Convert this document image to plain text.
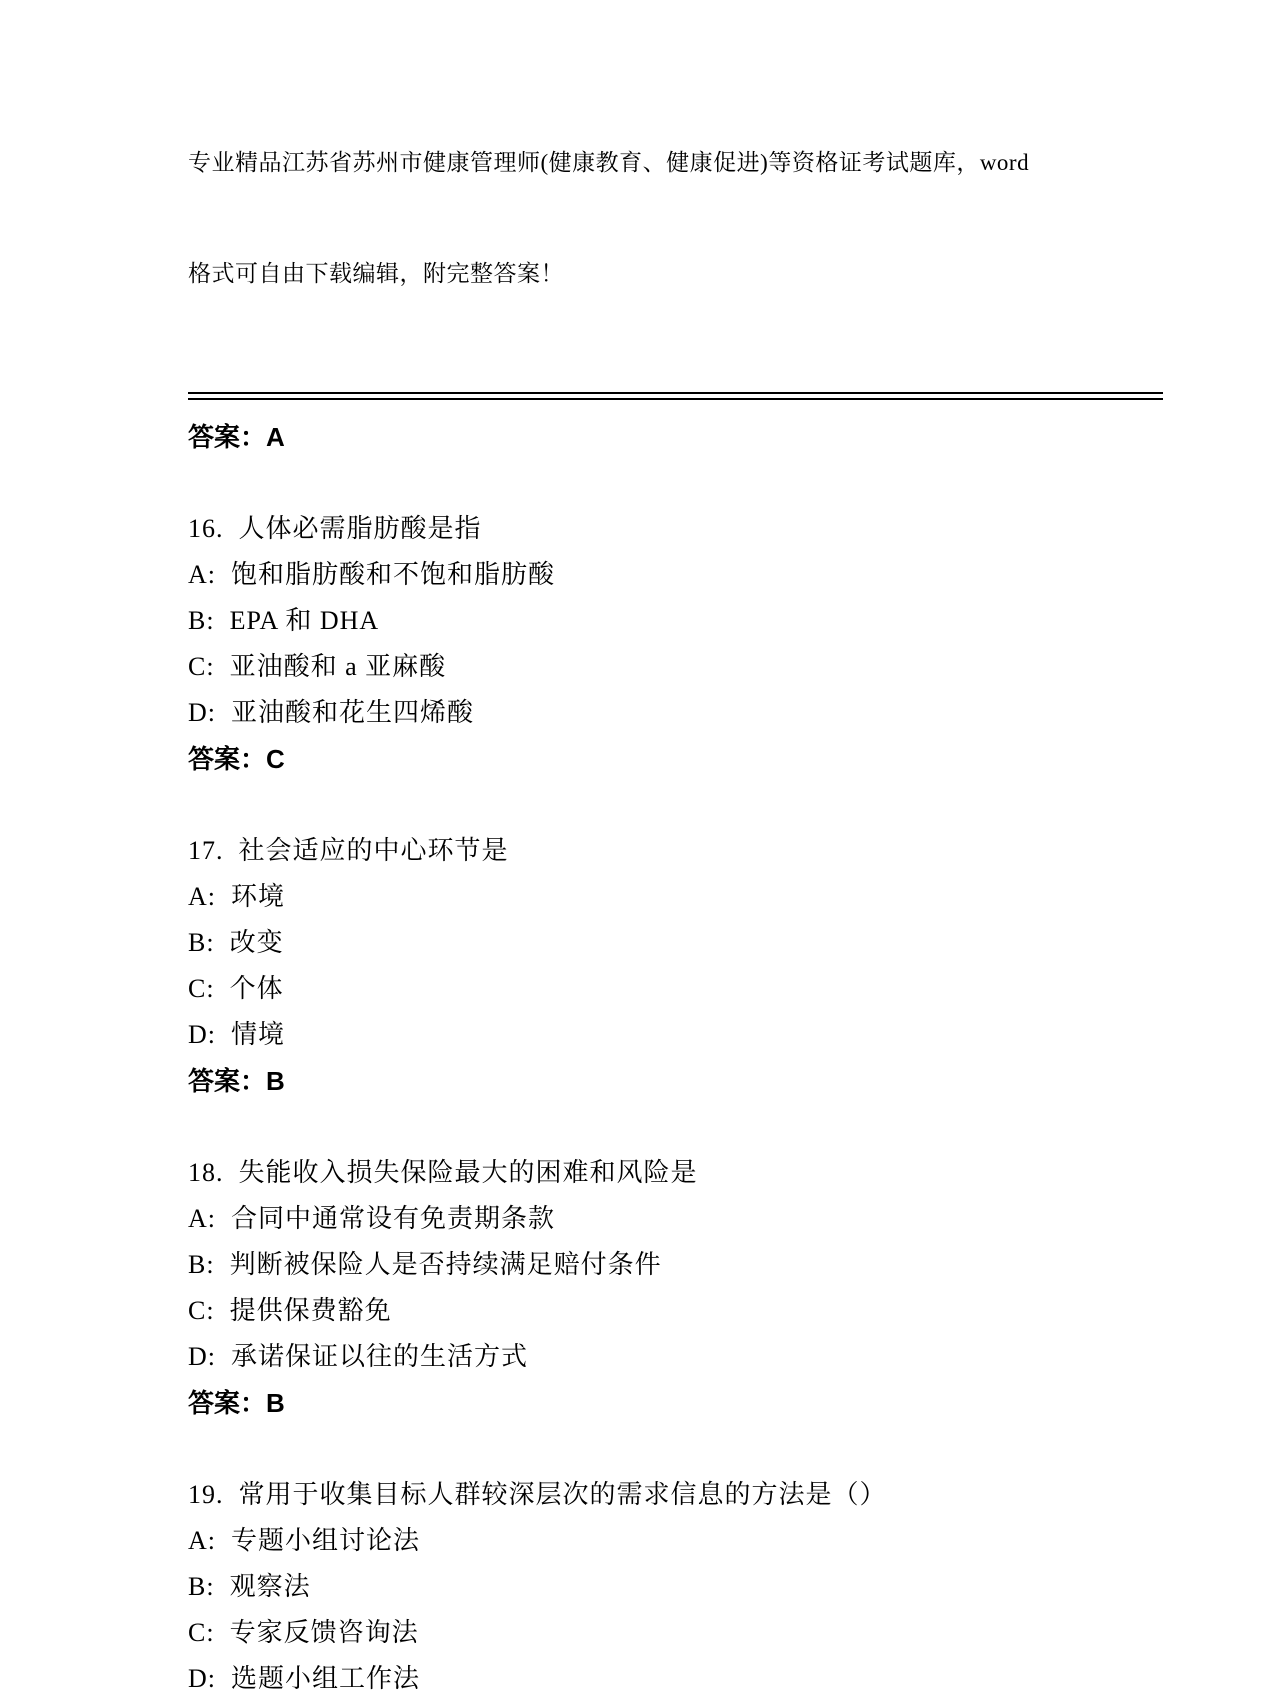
专业精品江苏省苏州市健康管理师(健康教育、健康促进)等资格证考试题库，word

格式可自由下载编辑，附完整答案！

答案：A
16.  人体必需脂肪酸是指
A:  饱和脂肪酸和不饱和脂肪酸
B:  EPA 和 DHA
C:  亚油酸和 a 亚麻酸
D:  亚油酸和花生四烯酸
答案：C
17.  社会适应的中心环节是
A:  环境
B:  改变
C:  个体
D:  情境
答案：B
18.  失能收入损失保险最大的困难和风险是
A:  合同中通常设有免责期条款
B:  判断被保险人是否持续满足赔付条件
C:  提供保费豁免
D:  承诺保证以往的生活方式
答案：B
19.  常用于收集目标人群较深层次的需求信息的方法是（）
A:  专题小组讨论法
B:  观察法
C:  专家反馈咨询法
D:  选题小组工作法
